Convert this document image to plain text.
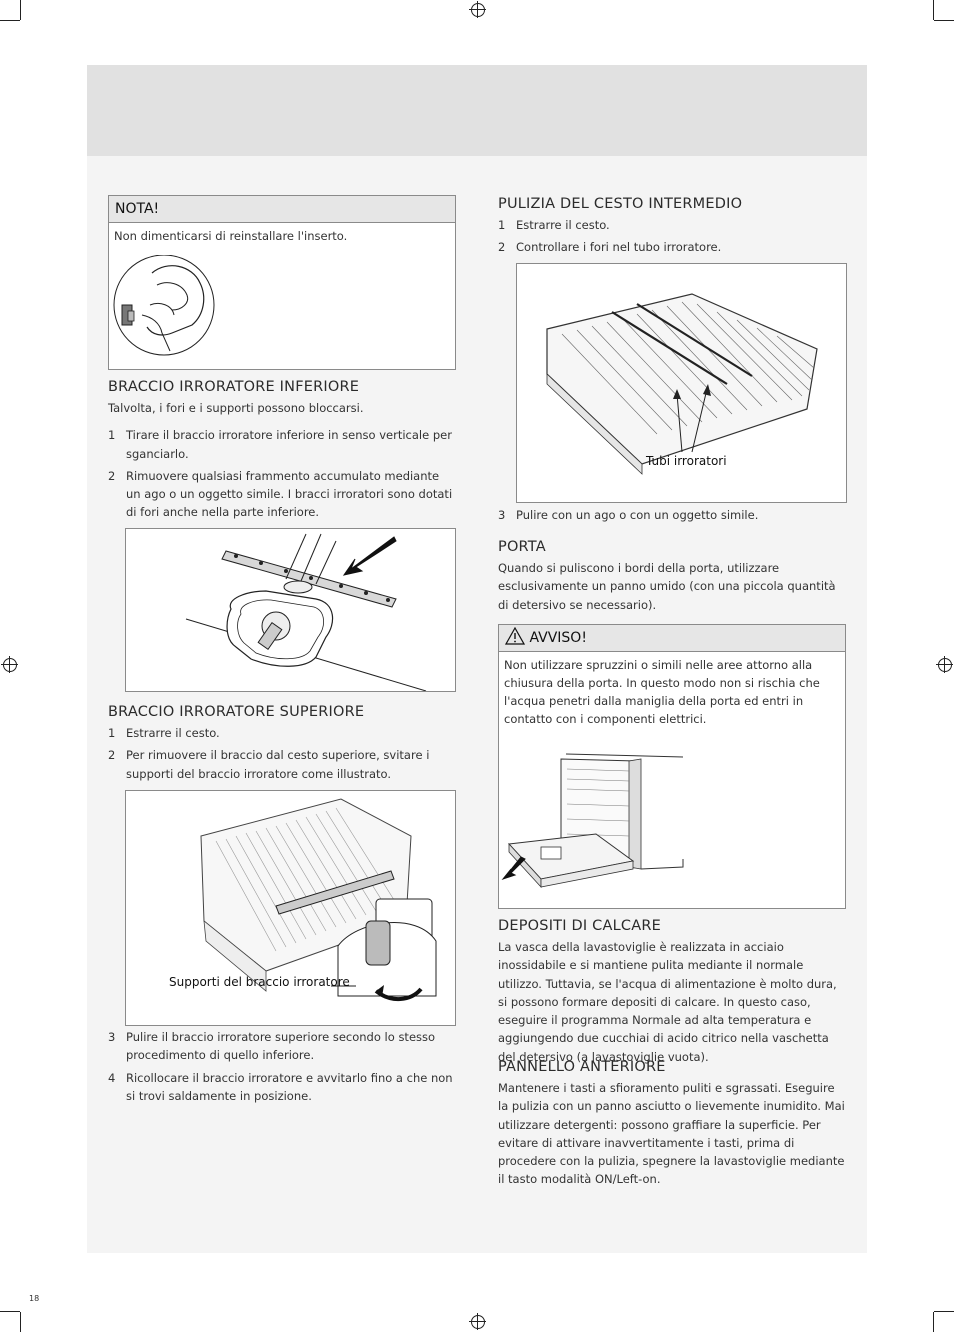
18
NOTA!
Non dimenticarsi di reinstallare l'inserto.
BRACCIO IRRORATORE INFERIORE

Talvolta, i fori e i supporti possono bloccarsi.

1 Tirare il braccio irroratore inferiore in senso verticale per sganciarlo.
2 Rimuovere qualsiasi frammento accumulato mediante un ago o un oggetto simile. I bracci irroratori sono dotati di fori anche nella parte inferiore.
BRACCIO IRRORATORE SUPERIORE
1 Estrarre il cesto.
2 Per rimuovere il braccio dal cesto superiore, svitare i supporti del braccio irroratore come illustrato.
Supporti del braccio irroratore
3 Pulire il braccio irroratore superiore secondo lo stesso procedimento di quello inferiore.
4 Ricollocare il braccio irroratore e avvitarlo fino a che non si trovi saldamente in posizione.
PULIZIA DEL CESTO INTERMEDIO
1 Estrarre il cesto.
2 Controllare i fori nel tubo irroratore.
Tubi irroratori
3 Pulire con un ago o con un oggetto simile.
PORTA

Quando si puliscono i bordi della porta, utilizzare esclusivamente un panno umido (con una piccola quantità di detersivo se necessario).

AVVISO!
Non utilizzare spruzzini o simili nelle aree attorno alla chiusura della porta. In questo modo non si rischia che l'acqua penetri dalla maniglia della porta ed entri in contatto con i componenti elettrici.
DEPOSITI DI CALCARE

La vasca della lavastoviglie è realizzata in acciaio inossidabile e si mantiene pulita mediante il normale utilizzo. Tuttavia, se l'acqua di alimentazione è molto dura, si possono formare depositi di calcare. In questo caso, eseguire il programma Normale ad alta temperatura e aggiungendo due cucchiai di acido citrico nella vaschetta del detersivo (a lavastoviglie vuota).

PANNELLO ANTERIORE

Mantenere i tasti a sfioramento puliti e sgrassati. Eseguire la pulizia con un panno asciutto o lievemente inumidito. Mai utilizzare detergenti: possono graffiare la superficie. Per evitare di attivare inavvertitamente i tasti, prima di procedere con la pulizia, spegnere la lavastoviglie mediante il tasto modalità ON/Left-on.
